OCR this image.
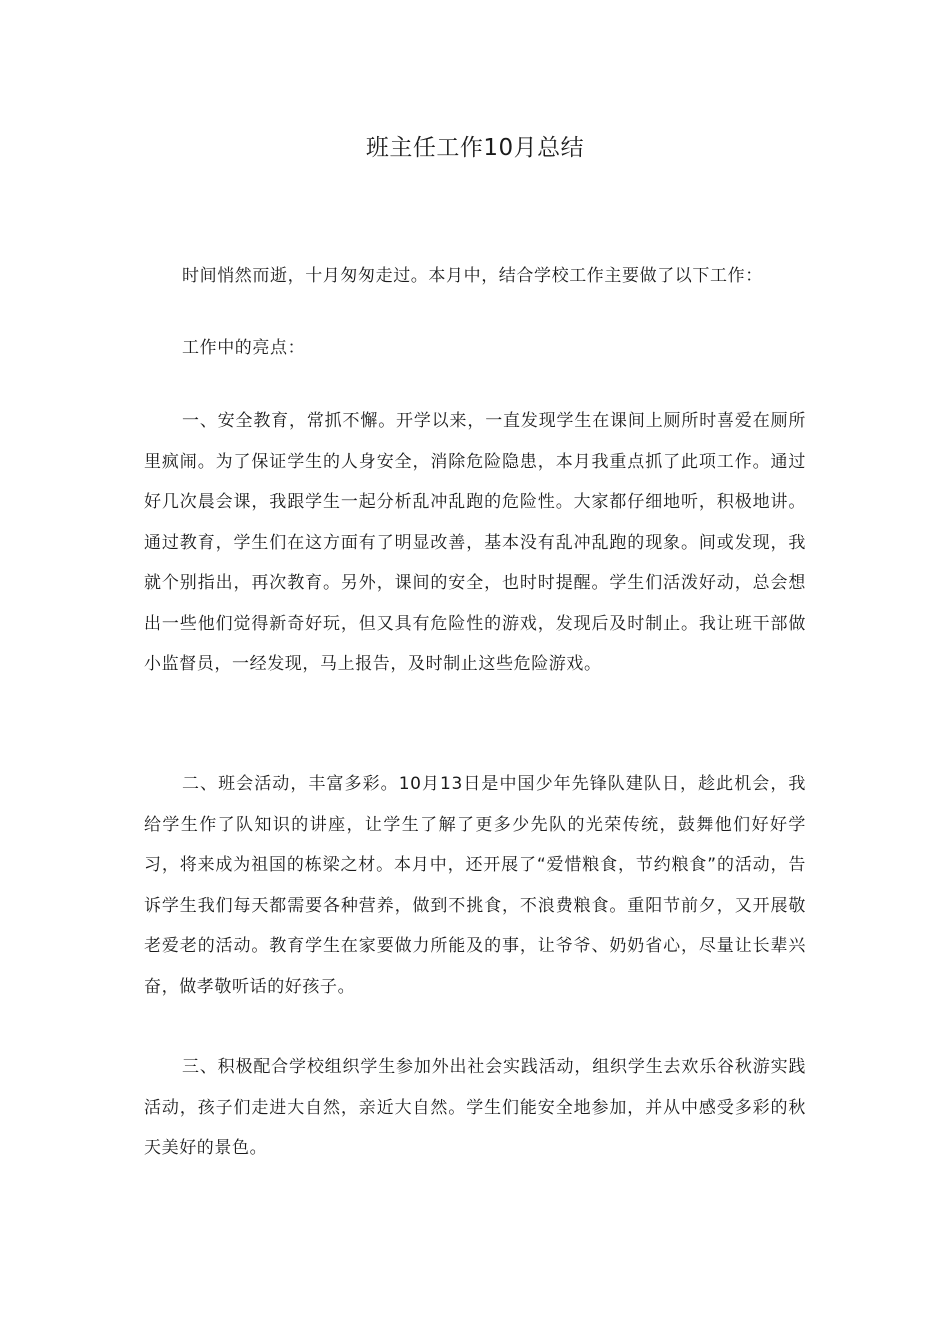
班主任工作10月总结

时间悄然而逝，十月匆匆走过。本月中，结合学校工作主要做了以下工作：

工作中的亮点：

一、安全教育，常抓不懈。开学以来，一直发现学生在课间上厕所时喜爱在厕所里疯闹。为了保证学生的人身安全，消除危险隐患，本月我重点抓了此项工作。通过好几次晨会课，我跟学生一起分析乱冲乱跑的危险性。大家都仔细地听，积极地讲。通过教育，学生们在这方面有了明显改善，基本没有乱冲乱跑的现象。间或发现，我就个别指出，再次教育。另外，课间的安全，也时时提醒。学生们活泼好动，总会想出一些他们觉得新奇好玩，但又具有危险性的游戏，发现后及时制止。我让班干部做小监督员，一经发现，马上报告，及时制止这些危险游戏。

二、班会活动，丰富多彩。10月13日是中国少年先锋队建队日，趁此机会，我给学生作了队知识的讲座，让学生了解了更多少先队的光荣传统，鼓舞他们好好学习，将来成为祖国的栋梁之材。本月中，还开展了“爱惜粮食，节约粮食”的活动，告诉学生我们每天都需要各种营养，做到不挑食，不浪费粮食。重阳节前夕，又开展敬老爱老的活动。教育学生在家要做力所能及的事，让爷爷、奶奶省心，尽量让长辈兴奋，做孝敬听话的好孩子。

三、积极配合学校组织学生参加外出社会实践活动，组织学生去欢乐谷秋游实践活动，孩子们走进大自然，亲近大自然。学生们能安全地参加，并从中感受多彩的秋天美好的景色。
